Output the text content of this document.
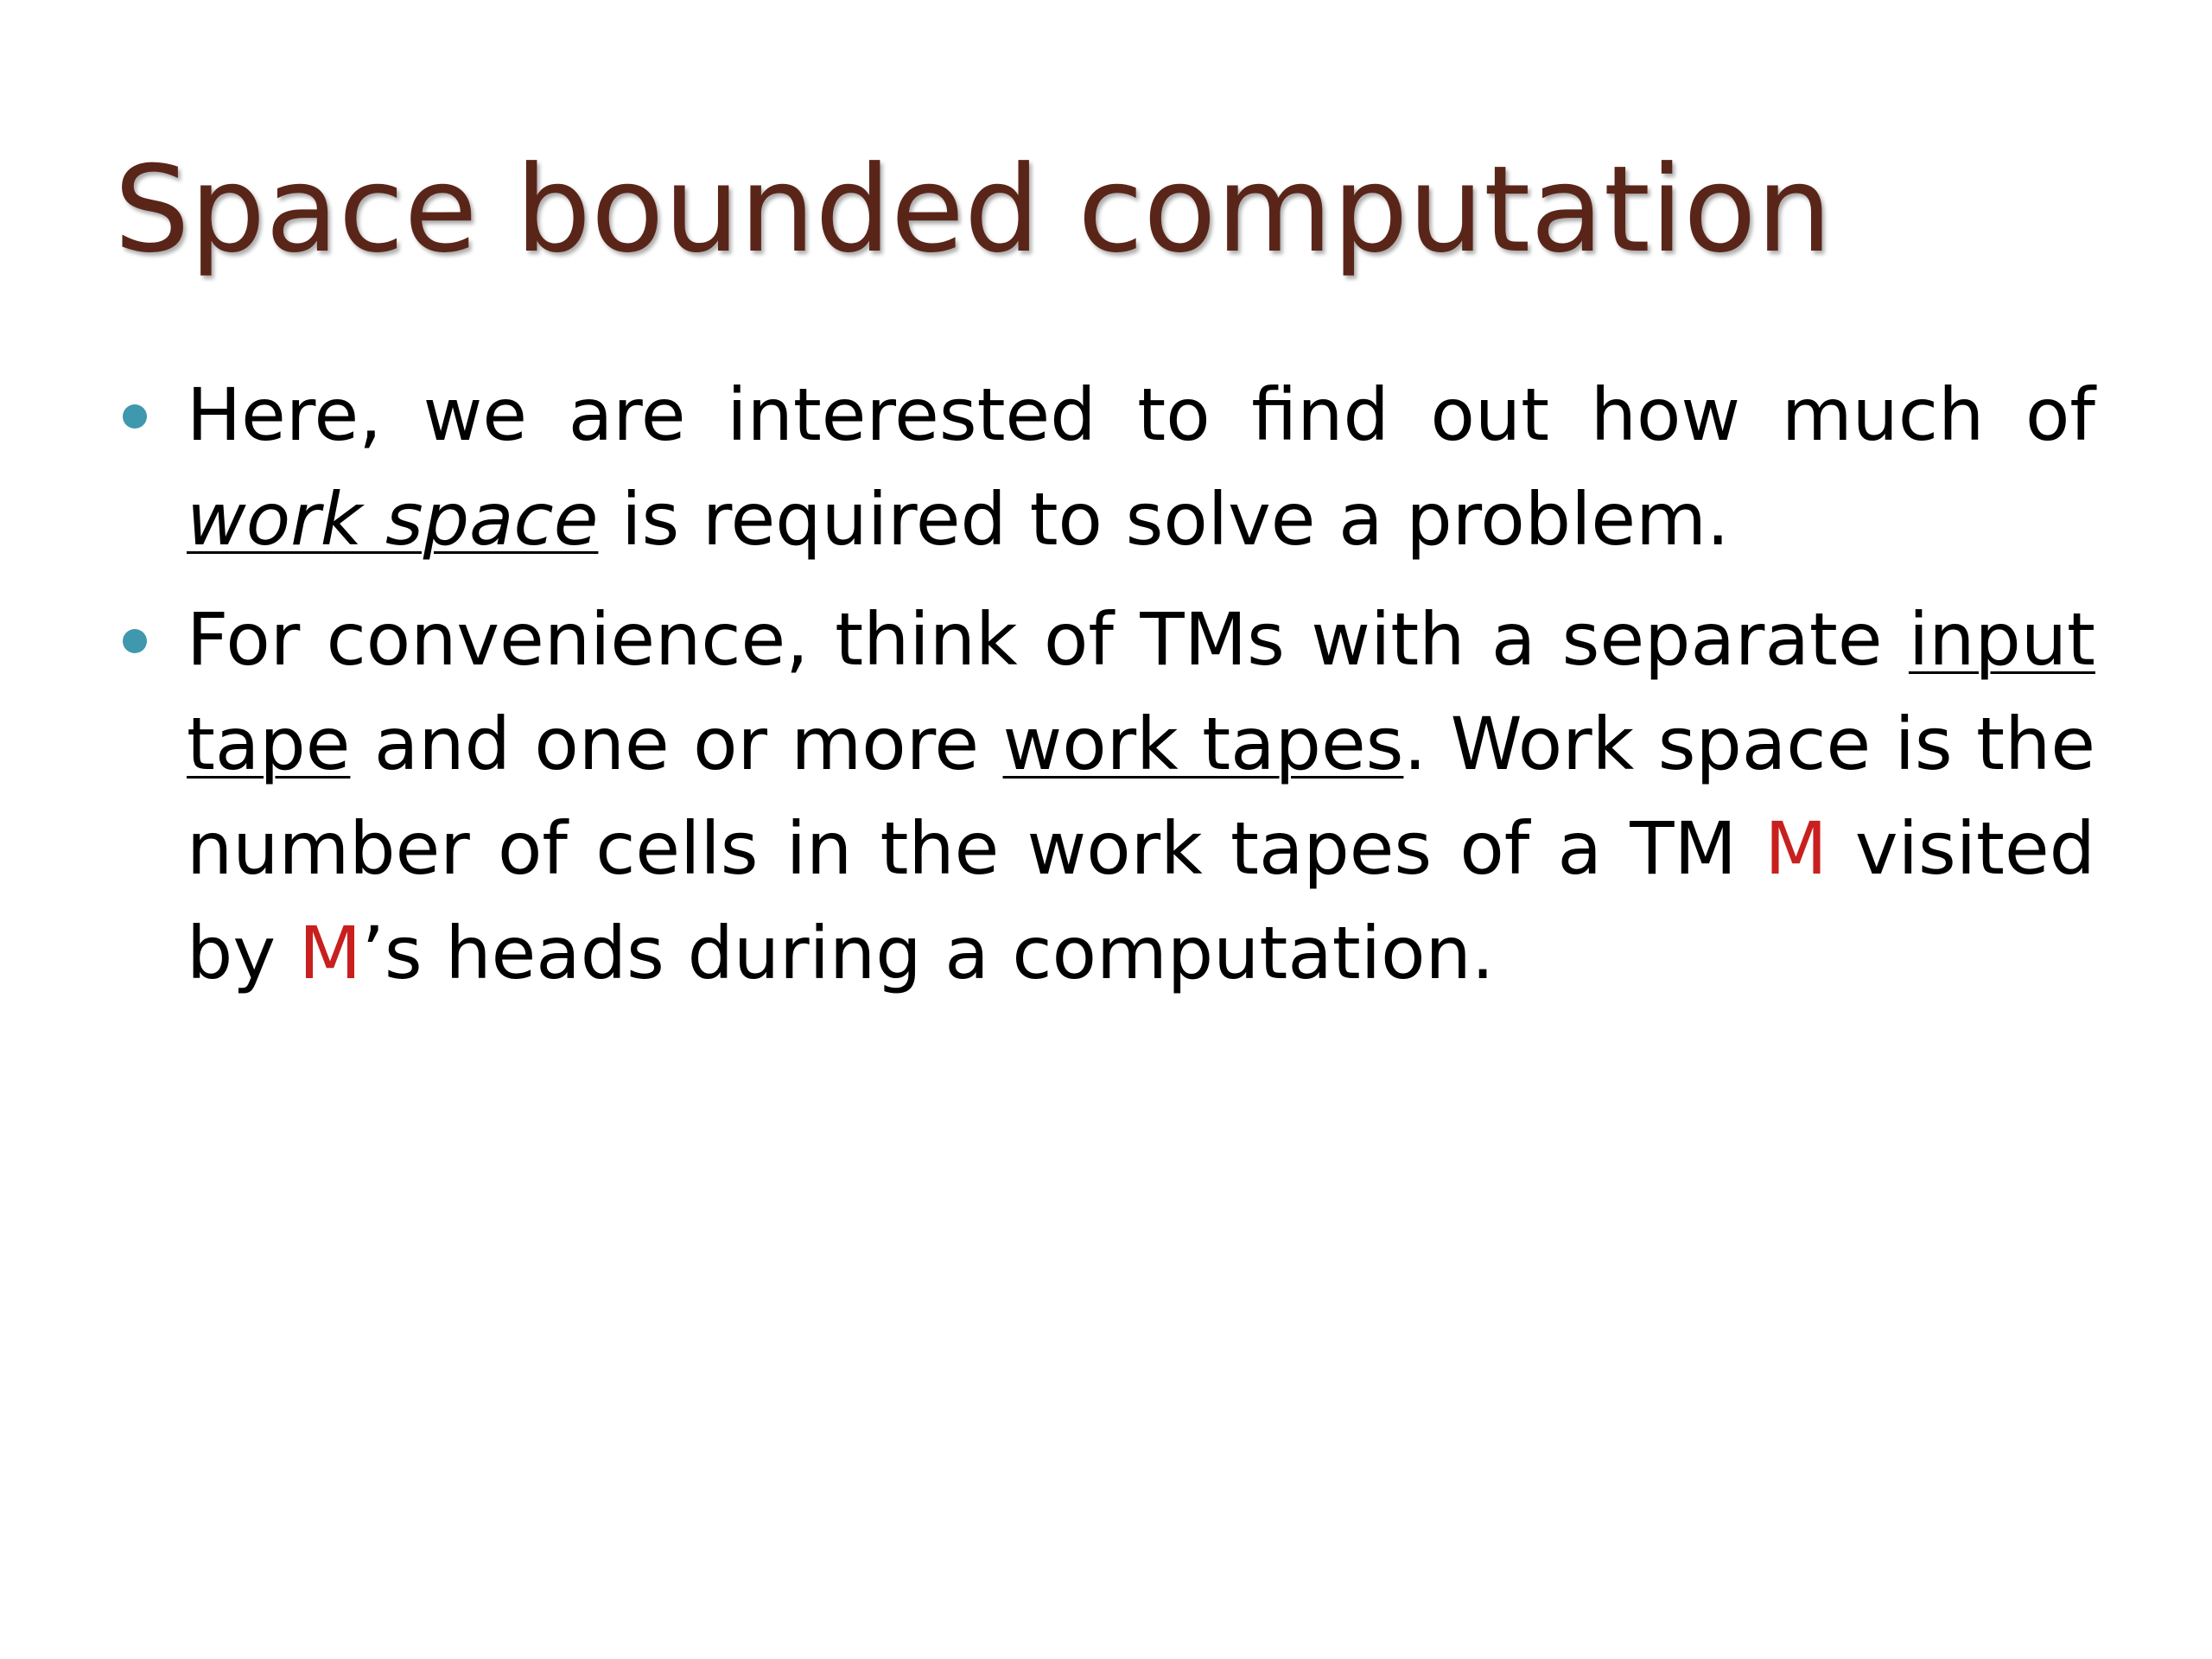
Space bounded computation
Here, we are interested to find out how much of work space is required to solve a problem.
For convenience, think of TMs with a separate input tape and one or more work tapes. Work space is the number of cells in the work tapes of a TM M visited by M’s heads during a computation.
